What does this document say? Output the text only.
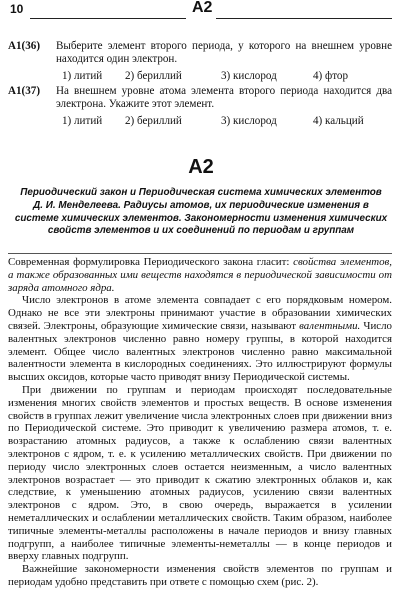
10	A2
A1(36) Выберите элемент второго периода, у которого на внешнем уровне находится один электрон.
1) литий 2) бериллий	3) кислород	4) фтор
A1(37) На внешнем уровне атома элемента второго периода находится два электрона. Укажите этот элемент.
1) литий 2) бериллий	3) кислород	4) кальций
A2
Периодический закон и Периодическая система химических элементов Д. И. Менделеева. Радиусы атомов, их периодические изменения в системе химических элементов. Закономерности изменения химических свойств элементов и их соединений по периодам и группам

Современная формулировка Периодического закона гласит: свойства элементов, а также образованных ими веществ находятся в периодической зависимости от заряда атомного ядра.

Число электронов в атоме элемента совпадает с его порядковым номером. Однако не все эти электроны принимают участие в образовании химических связей. Электроны, образующие химические связи, называют валентными. Число валентных электронов численно равно номеру группы, в которой находится элемент. Общее число валентных электронов численно равно максимальной валентности элемента в кислородных соединениях. Это иллюстрируют формулы высших оксидов, которые часто приводят внизу Периодической системы.

При движении по группам и периодам происходят последовательные изменения многих свойств элементов и простых веществ. В основе изменения свойств в группах лежит увеличение числа электронных слоев при движении вниз по Периодической системе. Это приводит к увеличению размера атомов, т. е. возрастанию атомных радиусов, а также к ослаблению связи валентных электронов с ядром, т. е. к усилению металлических свойств. При движении по периоду число электронных слоев остается неизменным, а число валентных электронов возрастает — это приводит к сжатию электронных облаков и, как следствие, к уменьшению атомных радиусов, усилению связи валентных электронов с ядром. Это, в свою очередь, выражается в усилении неметаллических и ослаблении металлических свойств. Таким образом, наиболее типичные элементы-металлы расположены в начале периодов и внизу главных подгрупп, а наиболее типичные элементы-неметаллы — в конце периодов и вверху главных подгрупп.

Важнейшие закономерности изменения свойств элементов по группам и периодам удобно представить при ответе с помощью схем (рис. 2).
